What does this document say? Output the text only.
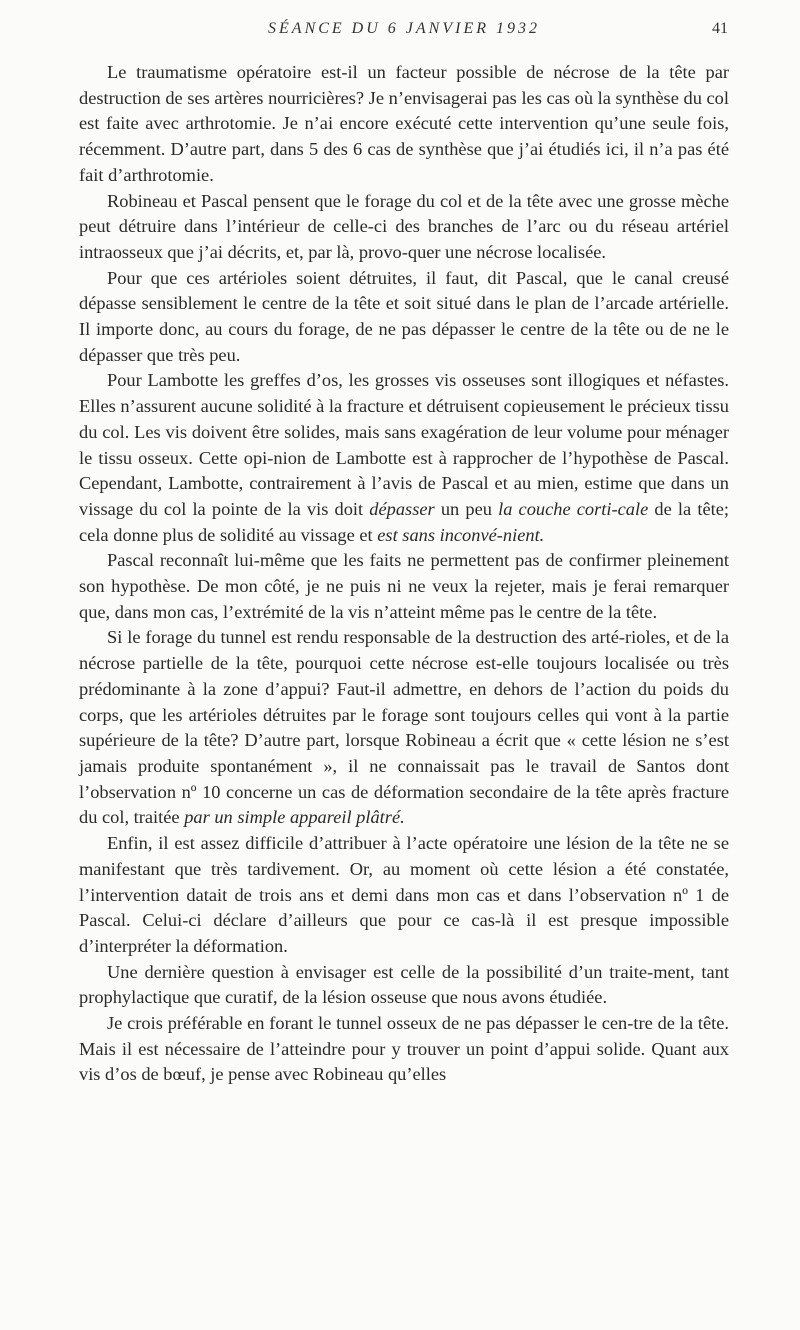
SÉANCE DU 6 JANVIER 1932	41

Le traumatisme opératoire est-il un facteur possible de nécrose de la tête par destruction de ses artères nourricières? Je n’envisagerai pas les cas où la synthèse du col est faite avec arthrotomie. Je n’ai encore exécuté cette intervention qu’une seule fois, récemment. D’autre part, dans 5 des 6 cas de synthèse que j’ai étudiés ici, il n’a pas été fait d’arthrotomie.

Robineau et Pascal pensent que le forage du col et de la tête avec une grosse mèche peut détruire dans l’intérieur de celle-ci des branches de l’arc ou du réseau artériel intraosseux que j’ai décrits, et, par là, provo-quer une nécrose localisée.

Pour que ces artérioles soient détruites, il faut, dit Pascal, que le canal creusé dépasse sensiblement le centre de la tête et soit situé dans le plan de l’arcade artérielle. Il importe donc, au cours du forage, de ne pas dépasser le centre de la tête ou de ne le dépasser que très peu.

Pour Lambotte les greffes d’os, les grosses vis osseuses sont illogiques et néfastes. Elles n’assurent aucune solidité à la fracture et détruisent copieusement le précieux tissu du col. Les vis doivent être solides, mais sans exagération de leur volume pour ménager le tissu osseux. Cette opi-nion de Lambotte est à rapprocher de l’hypothèse de Pascal. Cependant, Lambotte, contrairement à l’avis de Pascal et au mien, estime que dans un vissage du col la pointe de la vis doit dépasser un peu la couche corti-cale de la tête; cela donne plus de solidité au vissage et est sans inconvé-nient.

Pascal reconnaît lui-même que les faits ne permettent pas de confirmer pleinement son hypothèse. De mon côté, je ne puis ni ne veux la rejeter, mais je ferai remarquer que, dans mon cas, l’extrémité de la vis n’atteint même pas le centre de la tête.

Si le forage du tunnel est rendu responsable de la destruction des arté-rioles, et de la nécrose partielle de la tête, pourquoi cette nécrose est-elle toujours localisée ou très prédominante à la zone d’appui? Faut-il admettre, en dehors de l’action du poids du corps, que les artérioles détruites par le forage sont toujours celles qui vont à la partie supérieure de la tête? D’autre part, lorsque Robineau a écrit que « cette lésion ne s’est jamais produite spontanément », il ne connaissait pas le travail de Santos dont l’observation nº 10 concerne un cas de déformation secondaire de la tête après fracture du col, traitée par un simple appareil plâtré.

Enfin, il est assez difficile d’attribuer à l’acte opératoire une lésion de la tête ne se manifestant que très tardivement. Or, au moment où cette lésion a été constatée, l’intervention datait de trois ans et demi dans mon cas et dans l’observation nº 1 de Pascal. Celui-ci déclare d’ailleurs que pour ce cas-là il est presque impossible d’interpréter la déformation.

Une dernière question à envisager est celle de la possibilité d’un traite-ment, tant prophylactique que curatif, de la lésion osseuse que nous avons étudiée.

Je crois préférable en forant le tunnel osseux de ne pas dépasser le cen-tre de la tête. Mais il est nécessaire de l’atteindre pour y trouver un point d’appui solide. Quant aux vis d’os de bœuf, je pense avec Robineau qu’elles
